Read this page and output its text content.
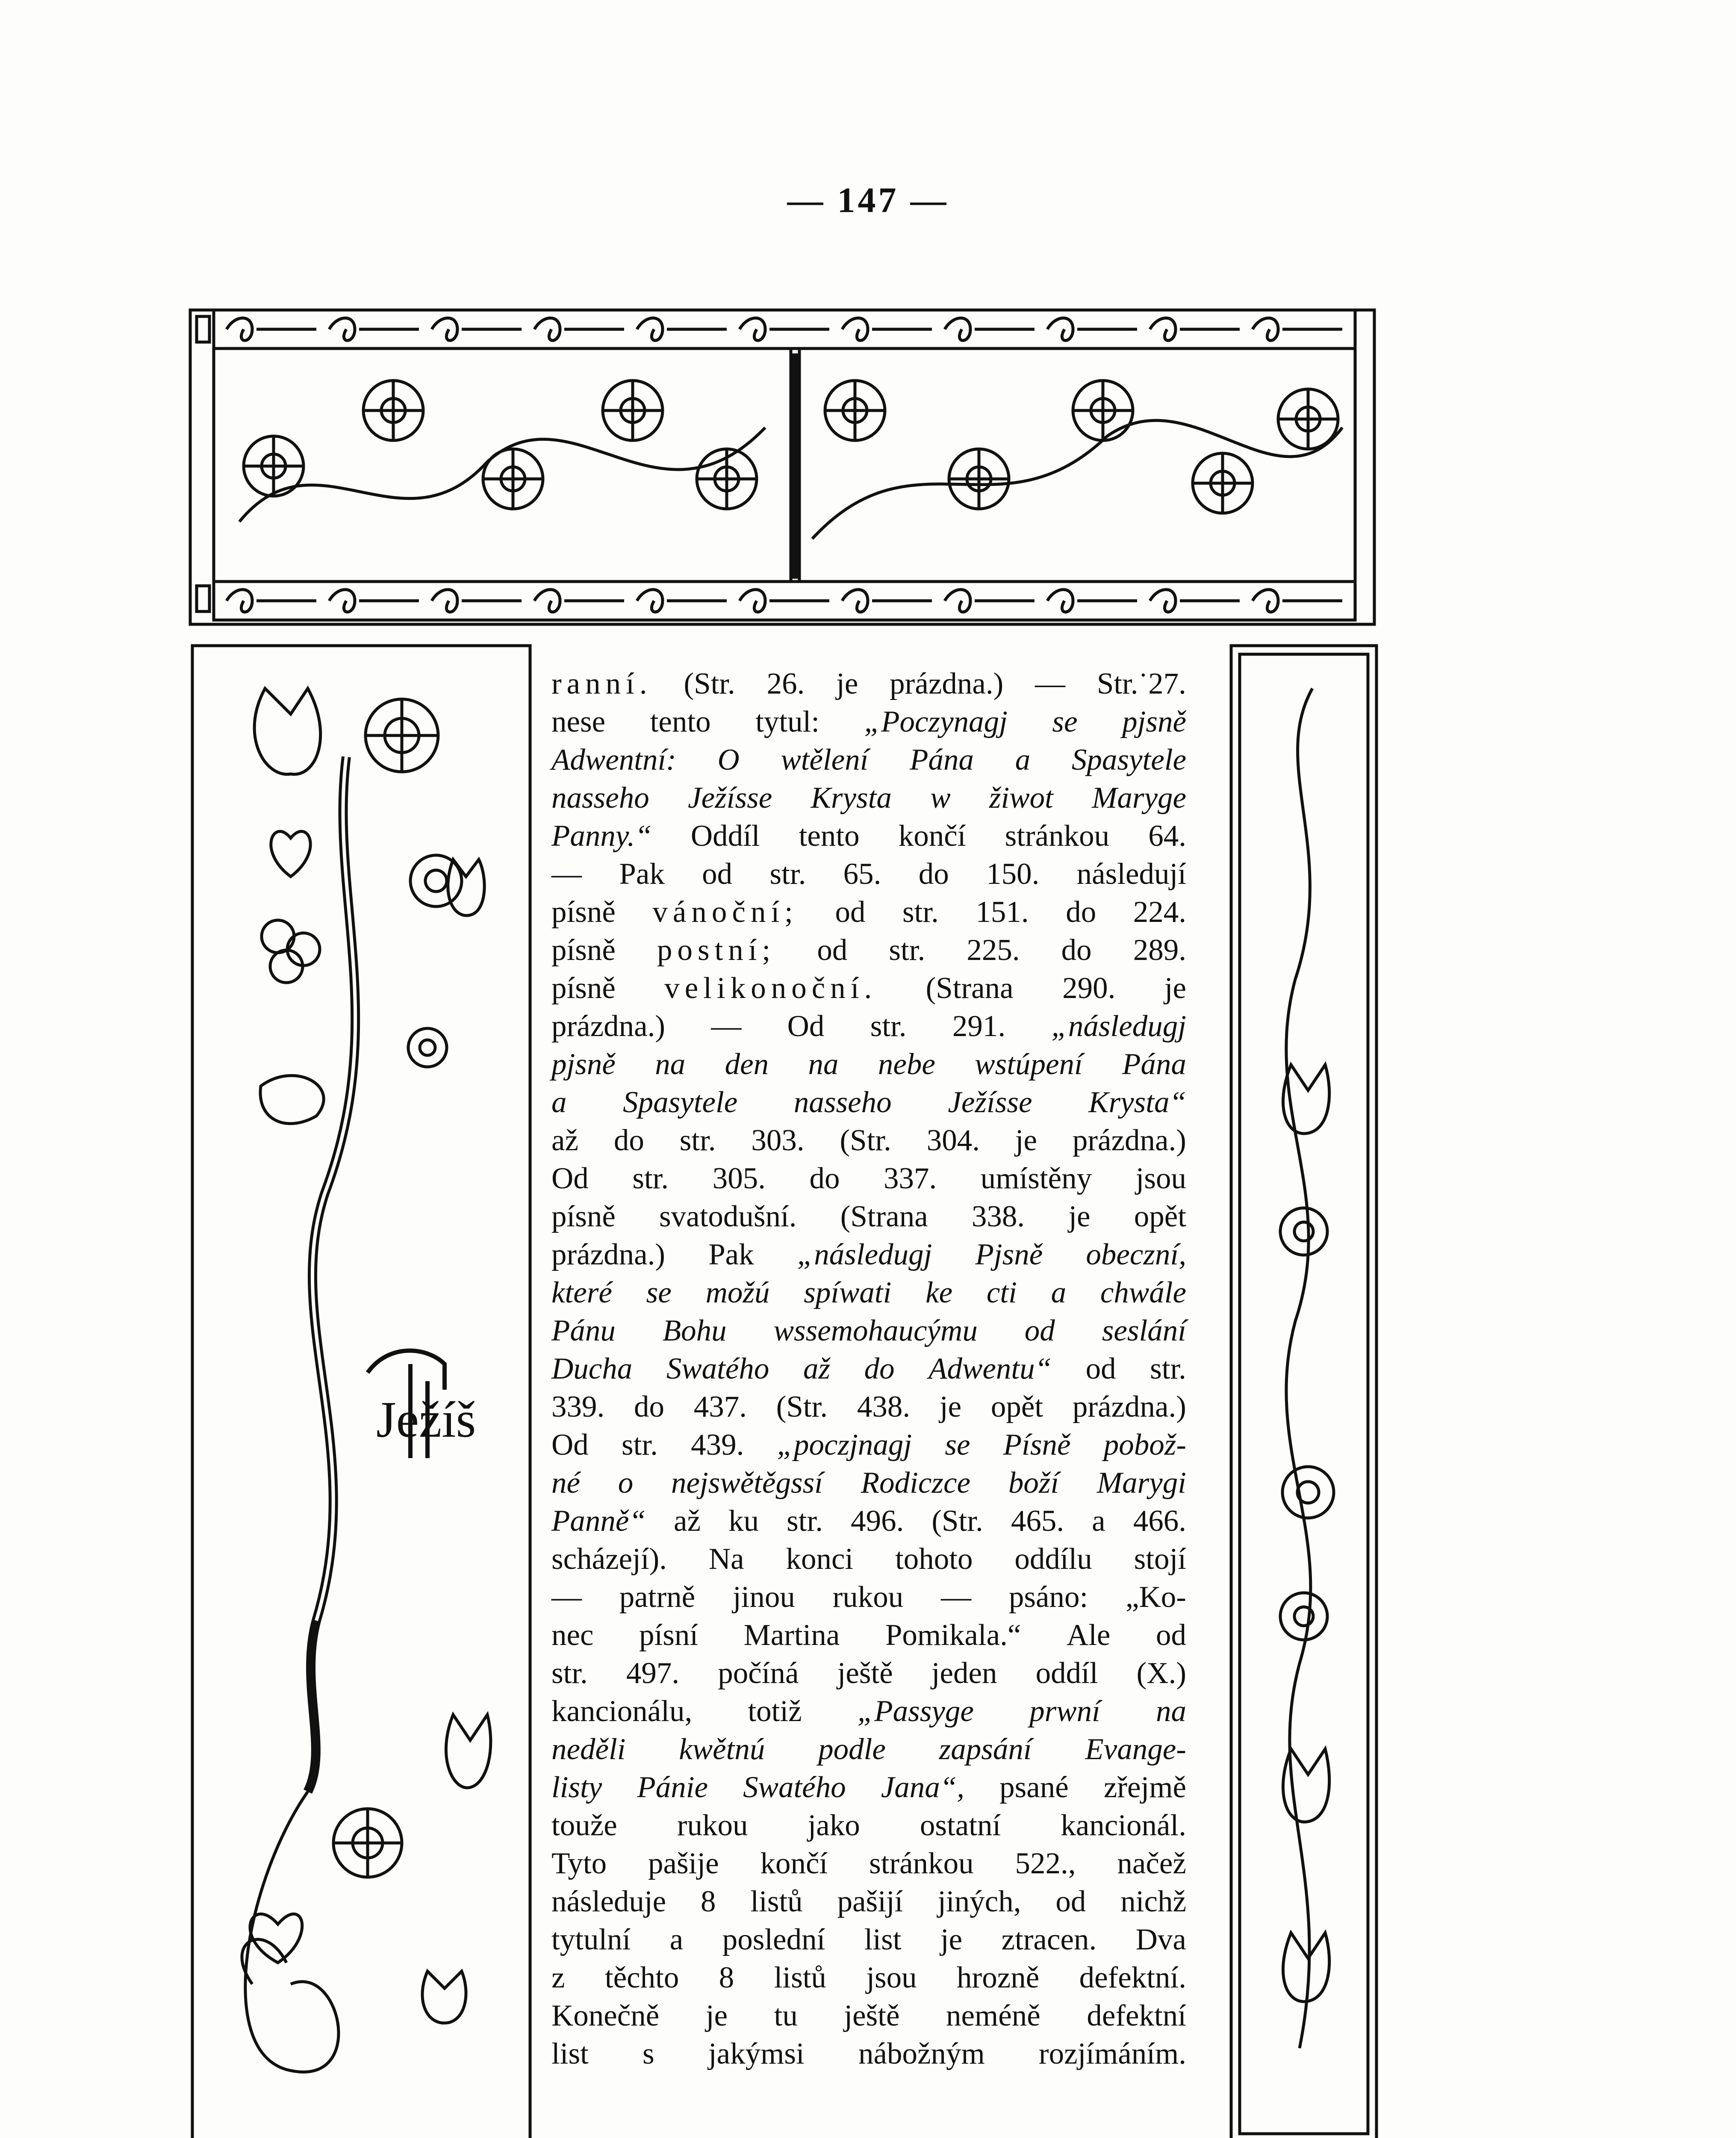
— 147 —
Ježíš
ranní. (Str. 26. je prázdna.) — Str.˙27.
nese tento tytul: „Poczynagj se pjsně
Adwentní: O wtělení Pána a Spasytele
nasseho Ježísse Krysta w žiwot Maryge
Panny.“ Oddíl tento končí stránkou 64.
— Pak od str. 65. do 150. následují
písně vánoční; od str. 151. do 224.
písně postní; od str. 225. do 289.
písně velikonoční. (Strana 290. je
prázdna.) — Od str. 291. „následugj
pjsně na den na nebe wstúpení Pána
a Spasytele nasseho Ježísse Krysta“
až do str. 303. (Str. 304. je prázdna.)
Od str. 305. do 337. umístěny jsou
písně svatodušní. (Strana 338. je opět
prázdna.) Pak „následugj Pjsně obeczní,
které se možú spíwati ke cti a chwále
Pánu Bohu wssemohaucýmu od seslání
Ducha Swatého až do Adwentu“ od str.
339. do 437. (Str. 438. je opět prázdna.)
Od str. 439. „poczjnagj se Písně pobož-
né o nejswětěgssí Rodiczce boží Marygi
Panně“ až ku str. 496. (Str. 465. a 466.
scházejí). Na konci tohoto oddílu stojí
— patrně jinou rukou — psáno: „Ko-
nec písní Martina Pomikala.“ Ale od
str. 497. počíná ještě jeden oddíl (X.)
kancionálu, totiž „Passyge prwní na
neděli kwětnú podle zapsání Evange-
listy Pánie Swatého Jana“, psané zřejmě
touže rukou jako ostatní kancionál.
Tyto pašije končí stránkou 522., načež
následuje 8 listů pašijí jiných, od nichž
tytulní a poslední list je ztracen. Dva
z těchto 8 listů jsou hrozně defektní.
Konečně je tu ještě neméně defektní
list s jakýmsi nábožným rozjímáním.
